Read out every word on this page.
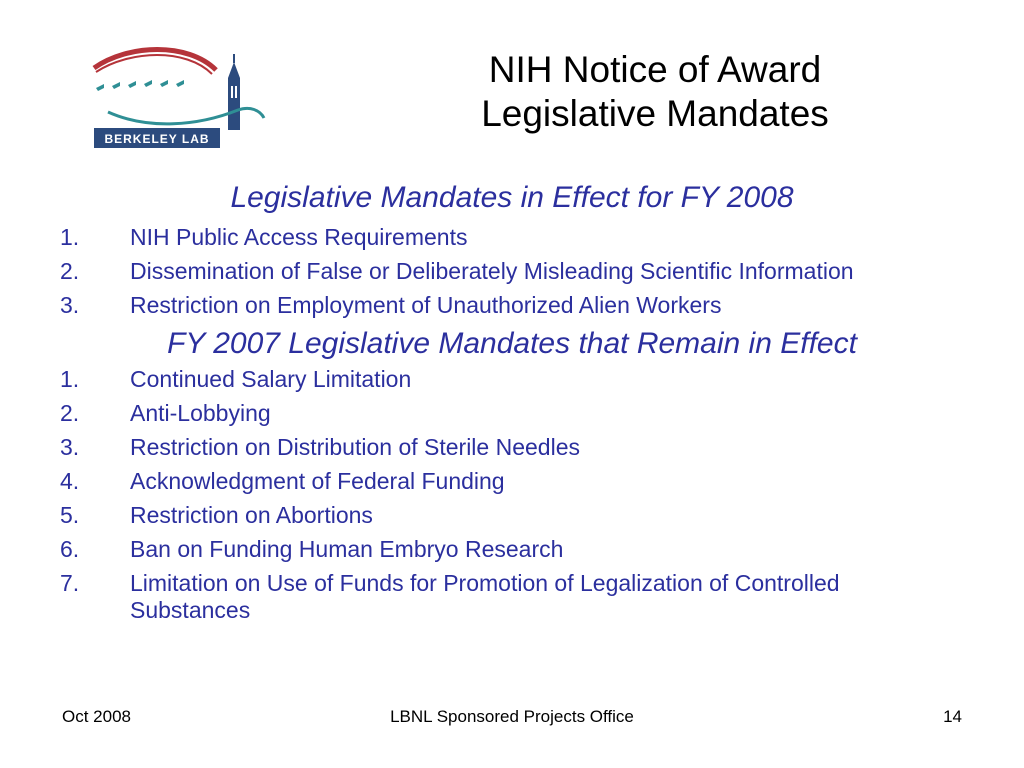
BERKELEY LAB
NIH Notice of Award
Legislative Mandates
Legislative Mandates in Effect for FY 2008
1.	NIH Public Access Requirements
2.	Dissemination of False or Deliberately Misleading Scientific Information
3.	Restriction on Employment of Unauthorized Alien Workers
FY 2007 Legislative Mandates that Remain in Effect
1.	Continued Salary Limitation
2.	Anti-Lobbying
3.	Restriction on Distribution of Sterile Needles
4.	Acknowledgment of Federal Funding
5.	Restriction on Abortions
6.	Ban on Funding Human Embryo Research
7.	Limitation on Use of Funds for Promotion of Legalization of Controlled Substances
Oct 2008	LBNL Sponsored Projects Office	14
